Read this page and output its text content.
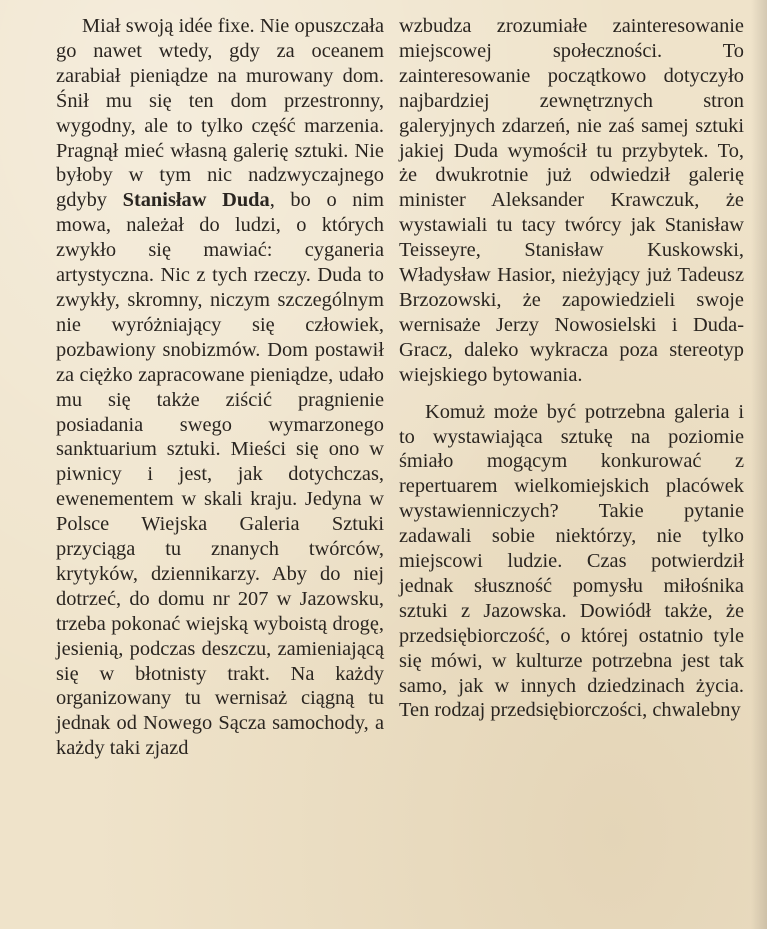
Miał swoją idée fixe. Nie opuszczała go nawet wtedy, gdy za oceanem zarabiał pieniądze na murowany dom. Śnił mu się ten dom przestronny, wygodny, ale to tylko część marzenia. Pragnął mieć własną galerię sztuki. Nie byłoby w tym nic nadzwyczajnego gdyby Stanisław Duda, bo o nim mowa, należał do ludzi, o których zwykło się mawiać: cyganeria artystyczna. Nic z tych rzeczy. Duda to zwykły, skromny, niczym szczególnym nie wyróżniający się człowiek, pozbawiony snobizmów. Dom postawił za ciężko zapracowane pieniądze, udało mu się także ziścić pragnienie posiadania swego wymarzonego sanktuarium sztuki. Mieści się ono w piwnicy i jest, jak dotychczas, ewenementem w skali kraju. Jedyna w Polsce Wiejska Galeria Sztuki przyciąga tu znanych twórców, krytyków, dziennikarzy. Aby do niej dotrzeć, do domu nr 207 w Jazowsku, trzeba pokonać wiejską wyboistą drogę, jesienią, podczas deszczu, zamieniającą się w błotnisty trakt. Na każdy organizowany tu wernisaż ciągną tu jednak od Nowego Sącza samochody, a każdy taki zjazd

wzbudza zrozumiałe zainteresowanie miejscowej społeczności. To zainteresowanie początkowo dotyczyło najbardziej zewnętrznych stron galeryjnych zdarzeń, nie zaś samej sztuki jakiej Duda wymościł tu przybytek. To, że dwukrotnie już odwiedził galerię minister Aleksander Krawczuk, że wystawiali tu tacy twórcy jak Stanisław Teisseyre, Stanisław Kuskowski, Władysław Hasior, nieżyjący już Tadeusz Brzozowski, że zapowiedzieli swoje wernisaże Jerzy Nowosielski i Duda-Gracz, daleko wykracza poza stereotyp wiejskiego bytowania.

Komuż może być potrzebna galeria i to wystawiająca sztukę na poziomie śmiało mogącym konkurować z repertuarem wielkomiejskich placówek wystawienniczych? Takie pytanie zadawali sobie niektórzy, nie tylko miejscowi ludzie. Czas potwierdził jednak słuszność pomysłu miłośnika sztuki z Jazowska. Dowiódł także, że przedsiębiorczość, o której ostatnio tyle się mówi, w kulturze potrzebna jest tak samo, jak w innych dziedzinach życia. Ten rodzaj przedsiębiorczości, chwalebny
